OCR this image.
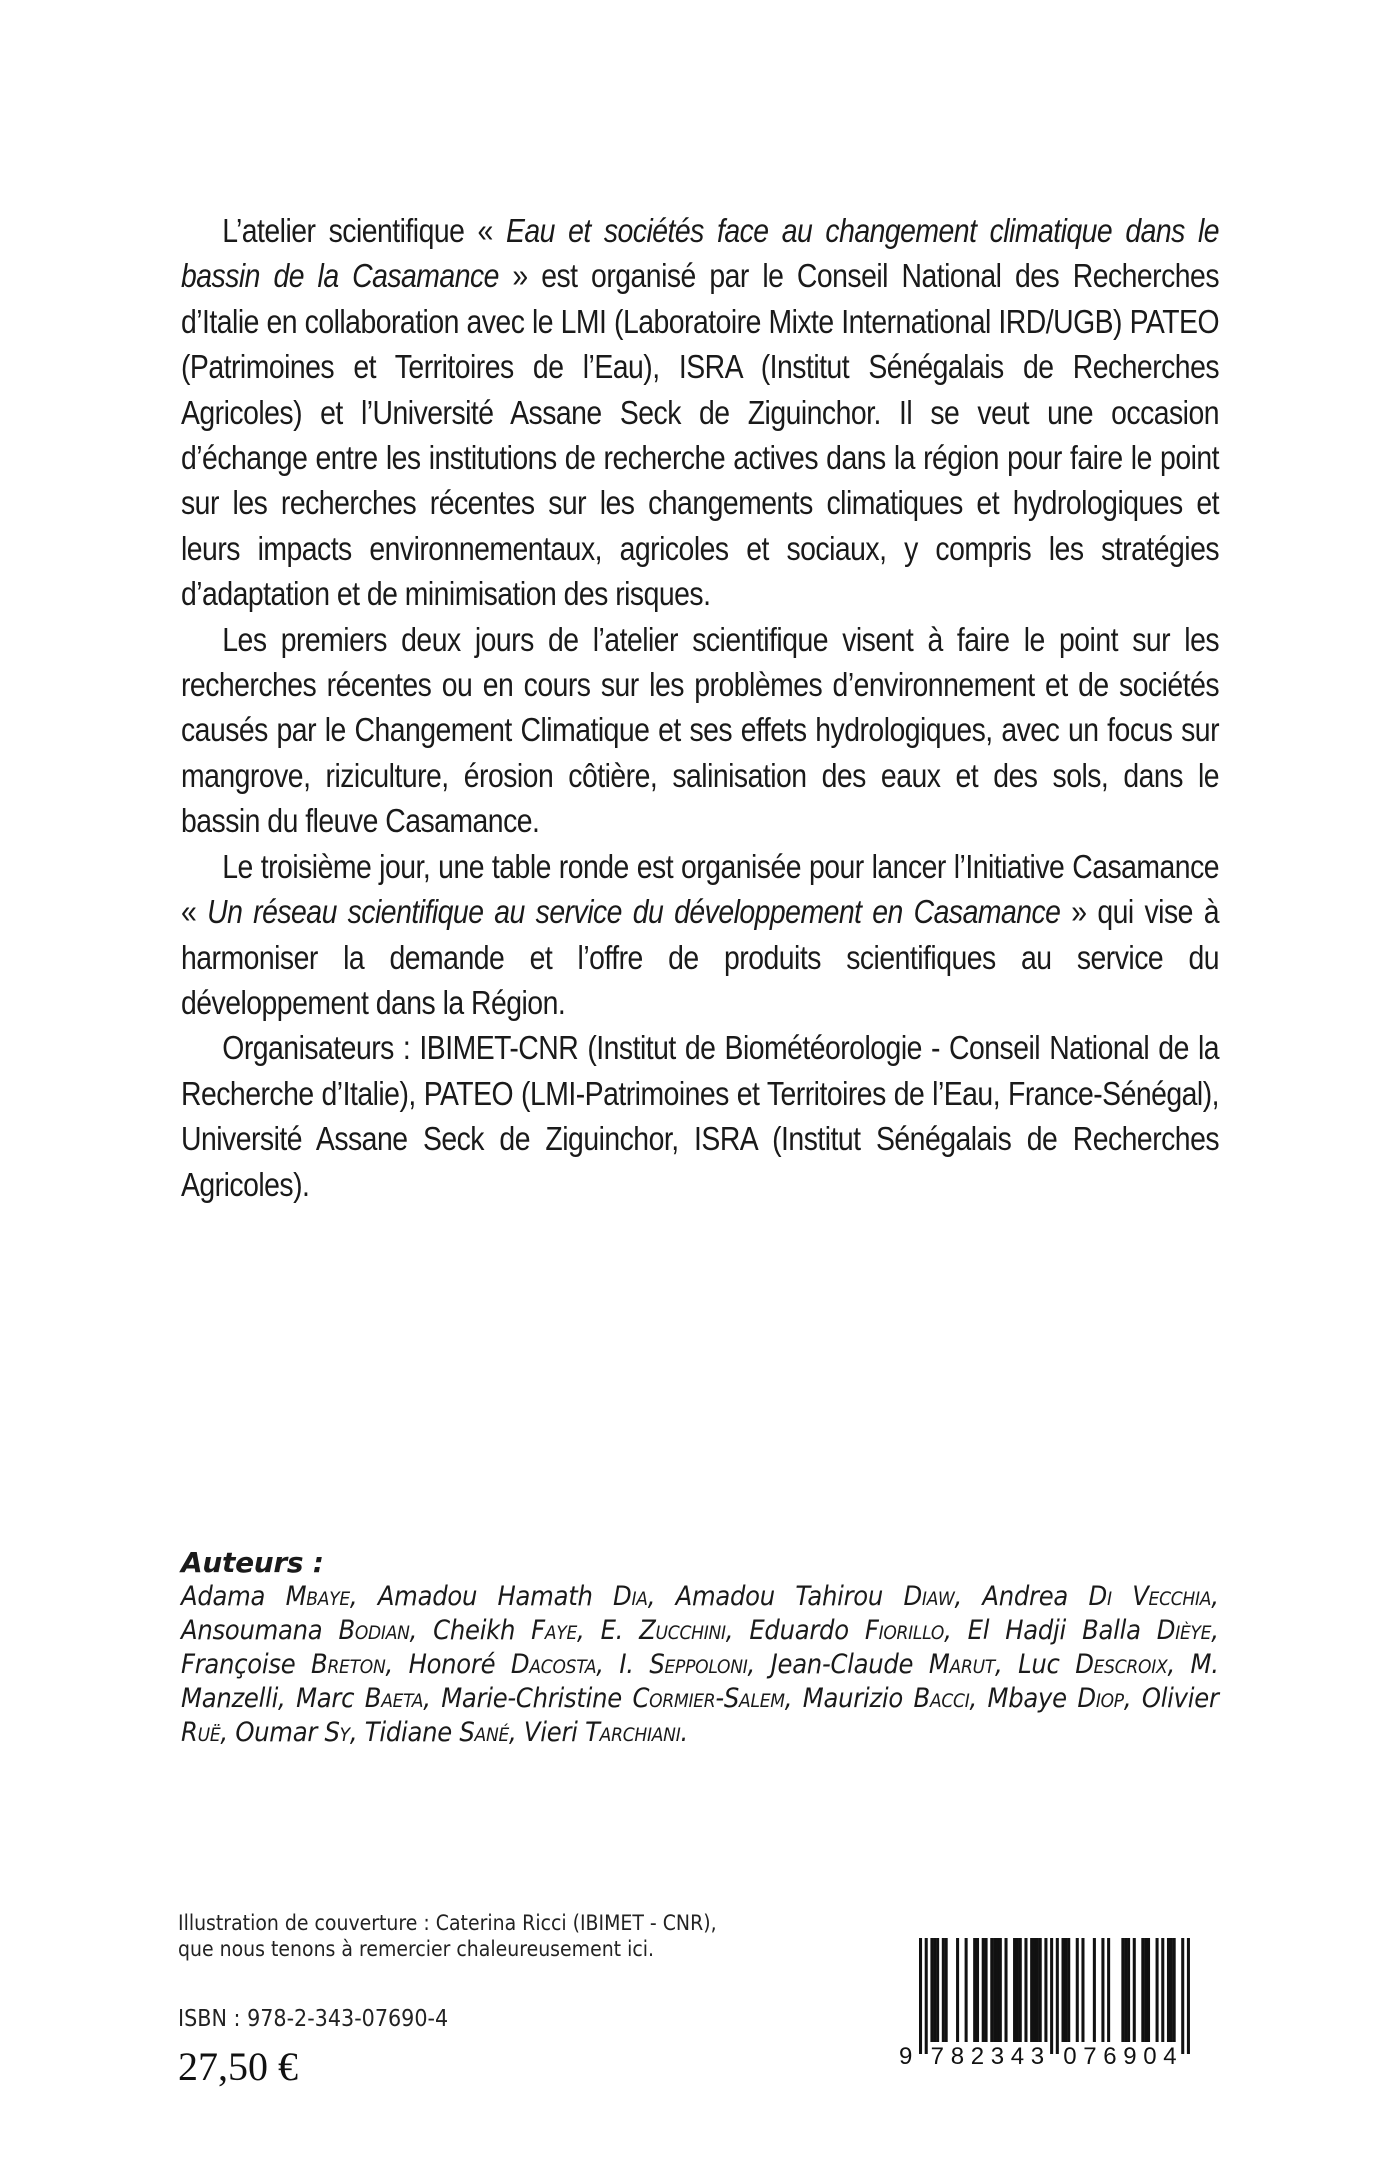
L’atelier scientifique « Eau et sociétés face au changement climatique dans le bassin de la Casamance » est organisé par le Conseil National des Recherches d’Italie en collaboration avec le LMI (Laboratoire Mixte International IRD/UGB) PATEO (Patrimoines et Territoires de l’Eau), ISRA (Institut Sénégalais de Recherches Agricoles) et l’Université Assane Seck de Ziguinchor. Il se veut une occasion d’échange entre les institutions de recherche actives dans la région pour faire le point sur les recherches récentes sur les changements climatiques et hydrologiques et leurs impacts environnementaux, agricoles et sociaux, y compris les stratégies d’adaptation et de minimisation des risques.

Les premiers deux jours de l’atelier scientifique visent à faire le point sur les recherches récentes ou en cours sur les problèmes d’environnement et de sociétés causés par le Changement Climatique et ses effets hydrologiques, avec un focus sur mangrove, riziculture, érosion côtière, salinisation des eaux et des sols, dans le bassin du fleuve Casamance.

Le troisième jour, une table ronde est organisée pour lancer l’Initiative Casamance « Un réseau scientifique au service du développement en Casamance » qui vise à harmoniser la demande et l’offre de produits scientifiques au service du développement dans la Région.

Organisateurs : IBIMET-CNR (Institut de Biométéorologie - Conseil National de la Recherche d’Italie), PATEO (LMI-Patrimoines et Territoires de l’Eau, France-Sénégal), Université Assane Seck de Ziguinchor, ISRA (Institut Sénégalais de Recherches Agricoles).

Auteurs :
Adama Mbaye, Amadou Hamath Dia, Amadou Tahirou Diaw, Andrea Di Vecchia, Ansoumana Bodian, Cheikh Faye, E. Zucchini, Eduardo Fiorillo, El Hadji Balla Dièye, Françoise Breton, Honoré Dacosta, I. Seppoloni, Jean-Claude Marut, Luc Descroix, M. Manzelli, Marc Baeta, Marie-Christine Cormier-Salem, Maurizio Bacci, Mbaye Diop, Olivier Ruë, Oumar Sy, Tidiane Sané, Vieri Tarchiani.
Illustration de couverture : Caterina Ricci (IBIMET - CNR),
que nous tenons à remercier chaleureusement ici.
ISBN : 978-2-343-07690-4
27,50 €	9 7 8 2 3 4 3 0 7 6 9 0 4
